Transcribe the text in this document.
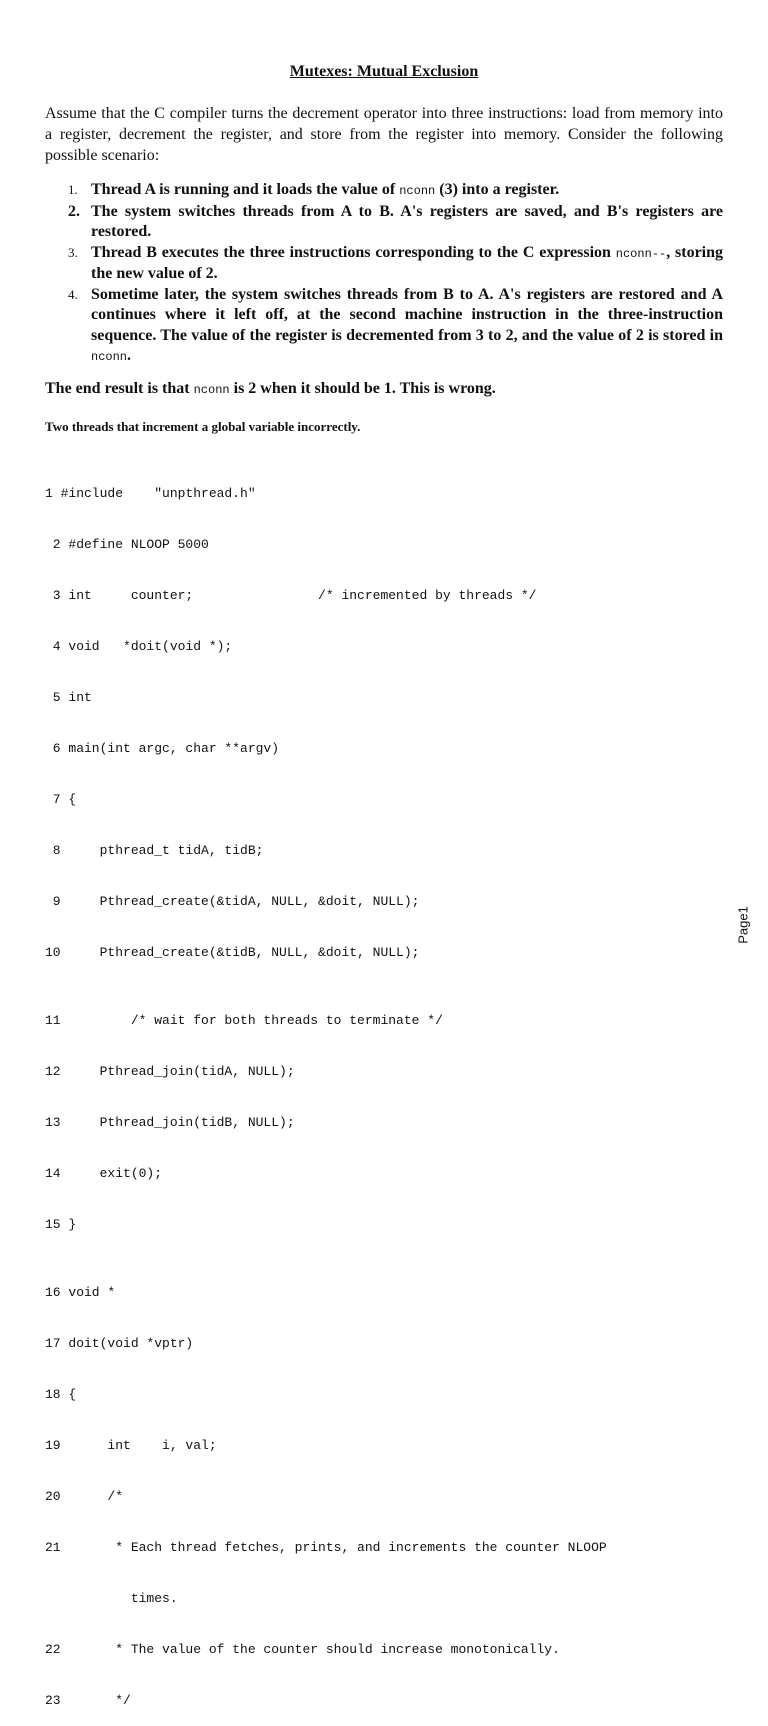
Mutexes: Mutual Exclusion
Assume that the C compiler turns the decrement operator into three instructions: load from memory into a register, decrement the register, and store from the register into memory. Consider the following possible scenario:
1. Thread A is running and it loads the value of nconn (3) into a register.
2. The system switches threads from A to B. A's registers are saved, and B's registers are restored.
3. Thread B executes the three instructions corresponding to the C expression nconn--, storing the new value of 2.
4. Sometime later, the system switches threads from B to A. A's registers are restored and A continues where it left off, at the second machine instruction in the three-instruction sequence. The value of the register is decremented from 3 to 2, and the value of 2 is stored in nconn.
The end result is that nconn is 2 when it should be 1. This is wrong.
Two threads that increment a global variable incorrectly.

1 #include    "unpthread.h"

2 #define NLOOP 5000

3 int     counter;                /* incremented by threads */

4 void   *doit(void *);

5 int

6 main(int argc, char **argv)

7 {

8     pthread_t tidA, tidB;

9     Pthread_create(&tidA, NULL, &doit, NULL);

10     Pthread_create(&tidB, NULL, &doit, NULL);

11         /* wait for both threads to terminate */

12     Pthread_join(tidA, NULL);

13     Pthread_join(tidB, NULL);

14     exit(0);

15 }

16 void *

17 doit(void *vptr)

18 {

19      int    i, val;

20      /*

21       * Each thread fetches, prints, and increments the counter NLOOP

times.

22       * The value of the counter should increase monotonically.

23       */

Page1
